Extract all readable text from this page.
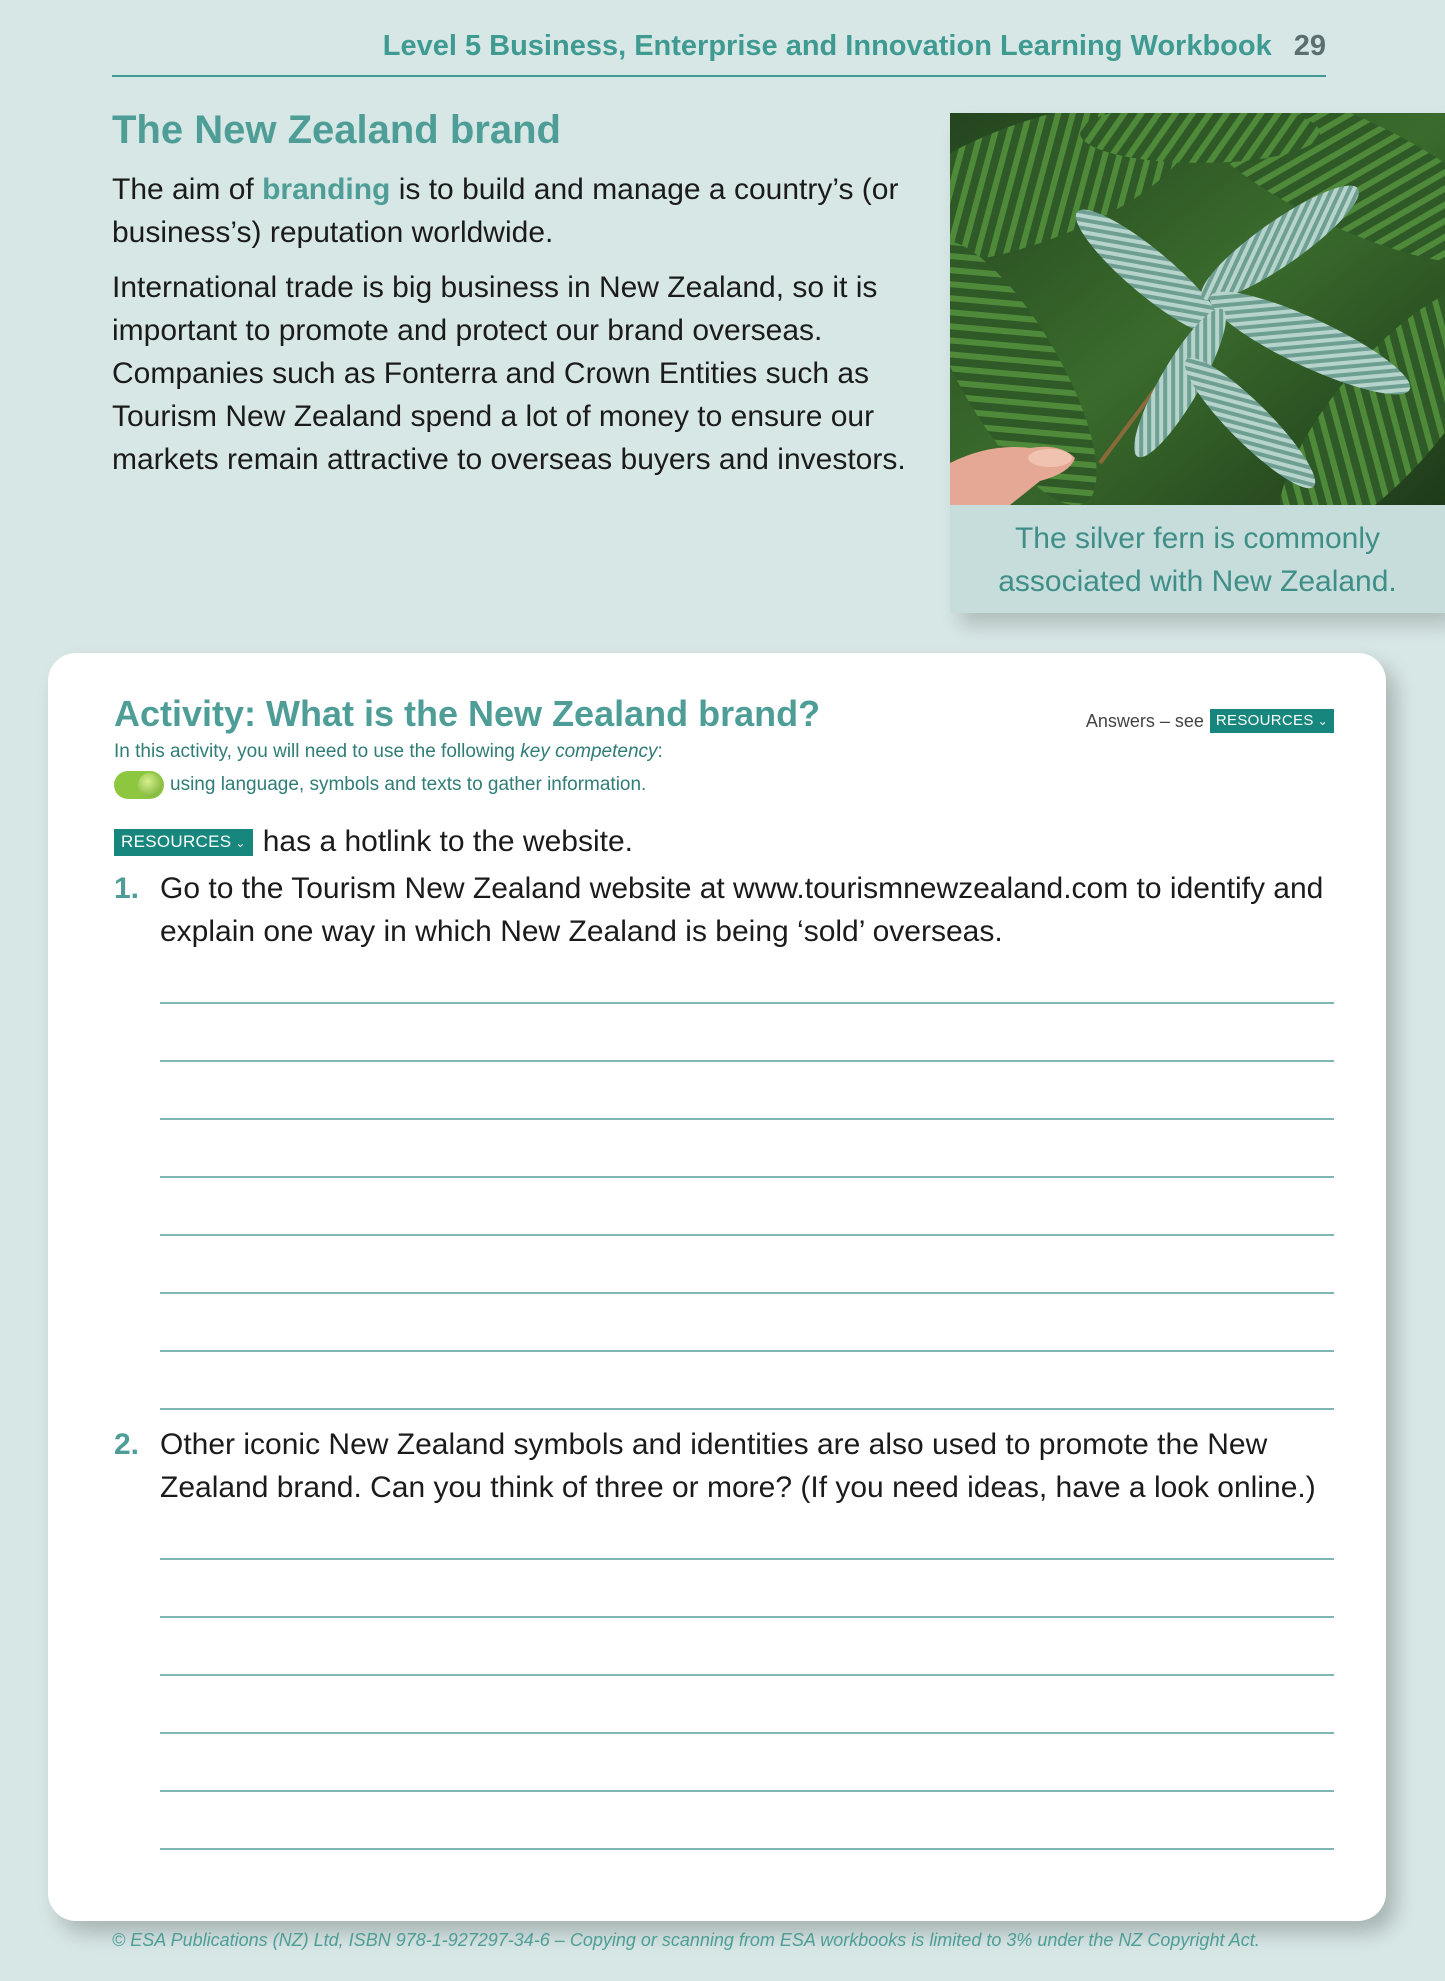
Level 5 Business, Enterprise and Innovation Learning Workbook 29
The New Zealand brand

The aim of branding is to build and manage a country’s (or business’s) reputation worldwide.

International trade is big business in New Zealand, so it is important to promote and protect our brand overseas. Companies such as Fonterra and Crown Entities such as Tourism New Zealand spend a lot of money to ensure our markets remain attractive to overseas buyers and investors.

The silver fern is commonly associated with New Zealand.
Activity: What is the New Zealand brand?	Answers – see RESOURCES ⌄
In this activity, you will need to use the following key competency:
using language, symbols and texts to gather information.
RESOURCES ⌄ has a hotlink to the website.
1. Go to the Tourism New Zealand website at www.tourismnewzealand.com to identify and explain one way in which New Zealand is being ‘sold’ overseas.
2. Other iconic New Zealand symbols and identities are also used to promote the New Zealand brand. Can you think of three or more? (If you need ideas, have a look online.)
© ESA Publications (NZ) Ltd, ISBN 978-1-927297-34-6 – Copying or scanning from ESA workbooks is limited to 3% under the NZ Copyright Act.
